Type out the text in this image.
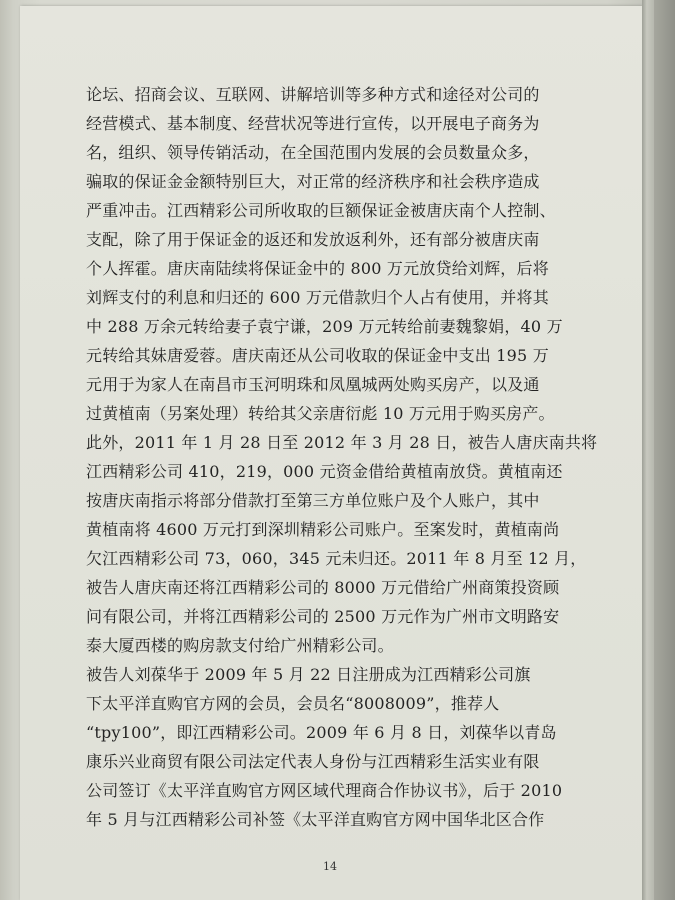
论坛、招商会议、互联网、讲解培训等多种方式和途径对公司的
经营模式、基本制度、经营状况等进行宣传，以开展电子商务为
名，组织、领导传销活动，在全国范围内发展的会员数量众多，
骗取的保证金金额特别巨大，对正常的经济秩序和社会秩序造成
严重冲击。江西精彩公司所收取的巨额保证金被唐庆南个人控制、
支配，除了用于保证金的返还和发放返利外，还有部分被唐庆南
个人挥霍。唐庆南陆续将保证金中的 800 万元放贷给刘辉，后将
刘辉支付的利息和归还的 600 万元借款归个人占有使用，并将其
中 288 万余元转给妻子袁宁谦，209 万元转给前妻魏黎娟，40 万
元转给其妹唐爱蓉。唐庆南还从公司收取的保证金中支出 195 万
元用于为家人在南昌市玉河明珠和凤凰城两处购买房产，以及通
过黄植南（另案处理）转给其父亲唐衍彪 10 万元用于购买房产。
此外，2011 年 1 月 28 日至 2012 年 3 月 28 日，被告人唐庆南共将
江西精彩公司 410，219，000 元资金借给黄植南放贷。黄植南还
按唐庆南指示将部分借款打至第三方单位账户及个人账户，其中
黄植南将 4600 万元打到深圳精彩公司账户。至案发时，黄植南尚
欠江西精彩公司 73，060，345 元未归还。2011 年 8 月至 12 月，
被告人唐庆南还将江西精彩公司的 8000 万元借给广州商策投资顾
问有限公司，并将江西精彩公司的 2500 万元作为广州市文明路安
泰大厦西楼的购房款支付给广州精彩公司。
被告人刘葆华于 2009 年 5 月 22 日注册成为江西精彩公司旗
下太平洋直购官方网的会员，会员名“8008009”，推荐人
“tpy100”，即江西精彩公司。2009 年 6 月 8 日，刘葆华以青岛
康乐兴业商贸有限公司法定代表人身份与江西精彩生活实业有限
公司签订《太平洋直购官方网区域代理商合作协议书》，后于 2010
年 5 月与江西精彩公司补签《太平洋直购官方网中国华北区合作
14
